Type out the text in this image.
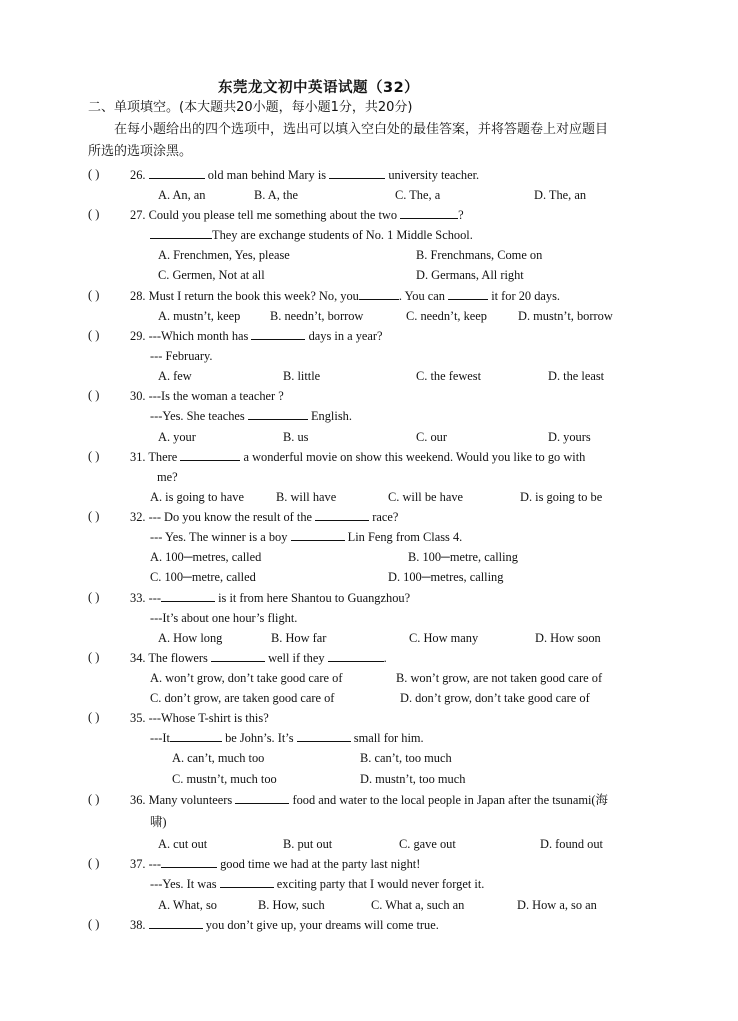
东莞龙文初中英语试题（32）
二、单项填空。(本大题共20小题，每小题1分，共20分)
在每小题给出的四个选项中，选出可以填入空白处的最佳答案，并将答题卷上对应题目
所选的选项涂黑。
( ) 26.	old man behind Mary is	university teacher.
A. An, an	B. A, the	C. The, a	D. The, an
( ) 27. Could you please tell me something about the two	?
They are exchange students of No. 1 Middle School.
A. Frenchmen, Yes, please	B. Frenchmans, Come on
C. Germen, Not at all	D. Germans, All right
( ) 28. Must I return the book this week? No, you	. You can	it for 20 days.
A. mustn’t, keep B. needn’t, borrow	C. needn’t, keep	D. mustn’t, borrow
( ) 29. ---Which month has	days in a year?
--- February.
A. few	B. little	C. the fewest	D. the least
( ) 30. ---Is the woman a teacher ?
---Yes. She teaches	English.
A. your	B. us	C. our	D. yours
( ) 31. There	a wonderful movie on show this weekend. Would you like to go with
me?
A. is going to have	B. will have	C. will be have	D. is going to be
( ) 32. --- Do you know the result of the	race?
--- Yes. The winner is a boy	Lin Feng from Class 4.
A. 100─metres, called	B. 100─metre, calling
C. 100─metre, called	D. 100─metres, calling
( ) 33. ---	is it from here Shantou to Guangzhou?
---It’s about one hour’s flight.
A. How long	B. How far	C. How many	D. How soon
( ) 34. The flowers	well if they	.
A. won’t grow, don’t take good care of	B. won’t grow, are not taken good care of
C. don’t grow, are taken good care of	D. don’t grow, don’t take good care of
( ) 35. ---Whose T-shirt is this?
---It	be John’s. It’s	small for him.
A. can’t, much too	B. can’t, too much
C. mustn’t, much too	D. mustn’t, too much
( ) 36. Many volunteers	food and water to the local people in Japan after the tsunami(海
啸)
A. cut out	B. put out	C. gave out	D. found out
( ) 37. ---	good time we had at the party last night!
---Yes. It was	exciting party that I would never forget it.
A. What, so	B. How, such	C. What a, such an	D. How a, so an
( ) 38.	you don’t give up, your dreams will come true.
